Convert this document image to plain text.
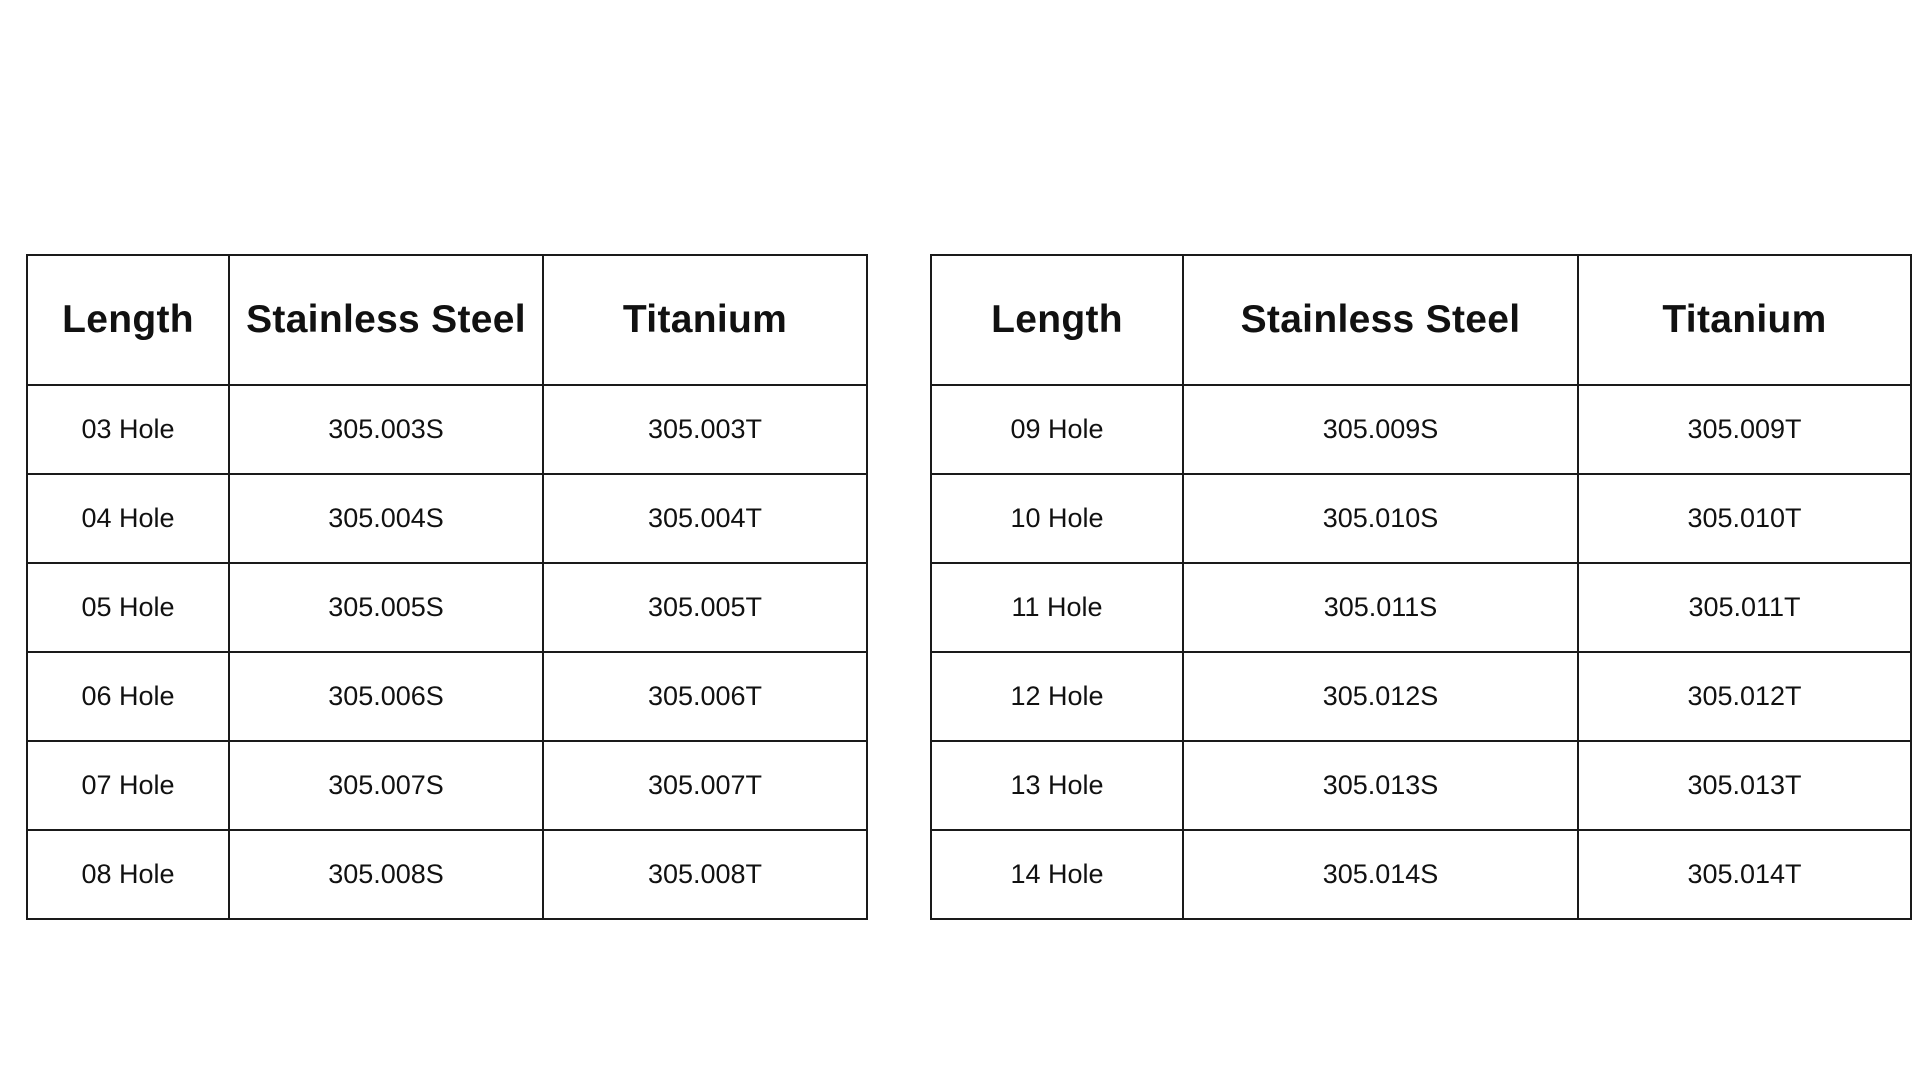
Length	Stainless Steel	Titanium
03 Hole	305.003S	305.003T
04 Hole	305.004S	305.004T
05 Hole	305.005S	305.005T
06 Hole	305.006S	305.006T
07 Hole	305.007S	305.007T
08 Hole	305.008S	305.008T
Length	Stainless Steel	Titanium
09 Hole	305.009S	305.009T
10 Hole	305.010S	305.010T
11 Hole	305.011S	305.011T
12 Hole	305.012S	305.012T
13 Hole	305.013S	305.013T
14 Hole	305.014S	305.014T
